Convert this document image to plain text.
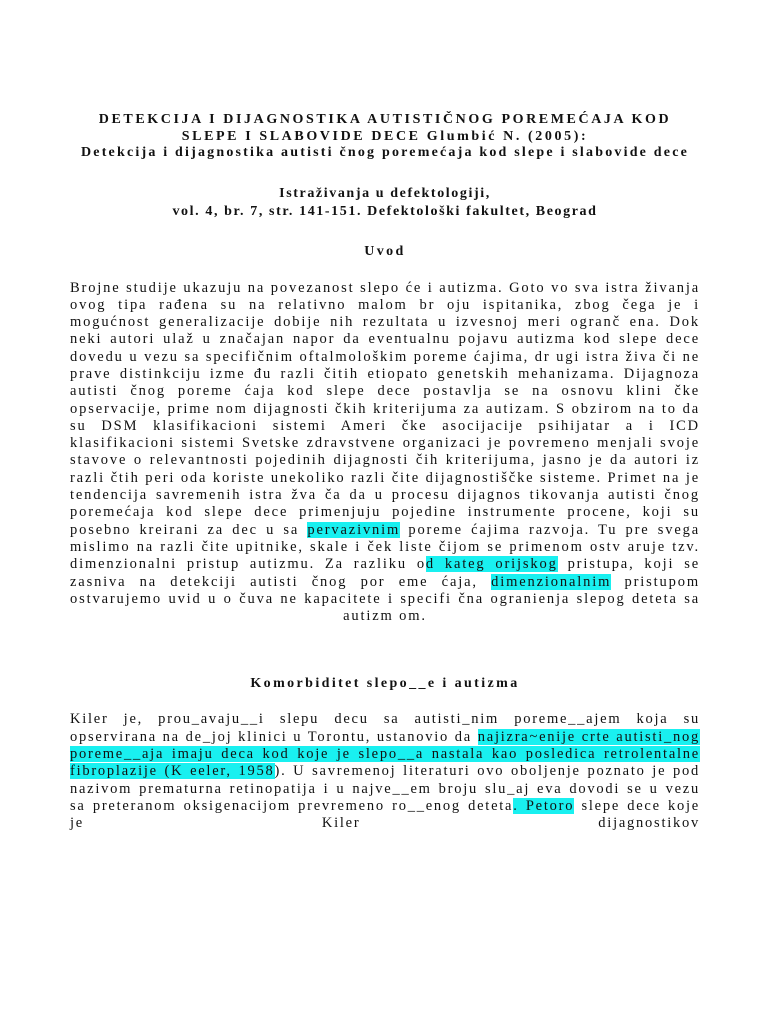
DETEKCIJA I DIJAGNOSTIKA AUTISTIČNOG POREMEĆAJA KOD SLEPE I SLABOVIDE DECE Glumbić N. (2005):

Detekcija i dijagnostika autisti čnog poremećaja kod slepe i slabovide dece

Istraživanja u defektologiji,

vol. 4, br. 7, str. 141-151. Defektološki fakultet, Beograd

Uvod

Brojne studije ukazuju na povezanost slepo će i autizma. Goto vo sva istra živanja ovog tipa rađena su na relativno malom br oju ispitanika, zbog čega je i mogućnost generalizacije dobije nih rezultata u izvesnoj meri ogranč ena. Dok neki autori ulaž u značajan napor da eventualnu pojavu autizma kod slepe dece dovedu u vezu sa specifičnim oftalmološkim poreme ćajima, dr ugi istra živa či ne prave distinkciju izme đu razli čitih etiopato genetskih mehanizama. Dijagnoza autisti čnog poreme ćaja kod slepe dece postavlja se na osnovu klini čke opservacije, prime nom dijagnosti čkih kriterijuma za autizam. S obzirom na to da su DSM klasifikacioni sistemi Ameri čke asocijacije psihijatar a i ICD klasifikacioni sistemi Svetske zdravstvene organizaci je povremeno menjali svoje stavove o relevantnosti pojedinih dijagnosti čih kriterijuma, jasno je da autori iz razli čtih peri oda koriste unekoliko razli čite dijagnostiščke sisteme. Primet na je tendencija savremenih istra žva ča da u procesu dijagnos tikovanja autisti čnog poremećaja kod slepe dece primenjuju pojedine instrumente procene, koji su posebno kreirani za dec u sa pervazivnim poreme ćajima razvoja. Tu pre svega mislimo na razli čite upitnike, skale i ček liste čijom se primenom ostv aruje tzv. dimenzionalni pristup autizmu. Za razliku od kateg orijskog pristupa, koji se zasniva na detekciji autisti čnog por eme ćaja, dimenzionalnim pristupom ostvarujemo uvid u o čuva ne kapacitete i specifi čna ogranienja slepog deteta sa autizm om.

Komorbiditet slepo__e i autizma

Kiler je, prou_avaju__i slepu decu sa autisti_nim poreme__ajem koja su opservirana na de_joj klinici u Torontu, ustanovio da najizra~enije crte autisti_nog poreme__aja imaju deca kod koje je slepo__a nastala kao posledica retrolentalne fibroplazije (K eeler, 1958). U savremenoj literaturi ovo oboljenje poznato je pod nazivom prematurna retinopatija i u najve__em broju slu_aj eva dovodi se u vezu sa preteranom oksigenacijom prevremeno ro__enog deteta. Petoro slepe dece koje je Kiler dijagnostikov
